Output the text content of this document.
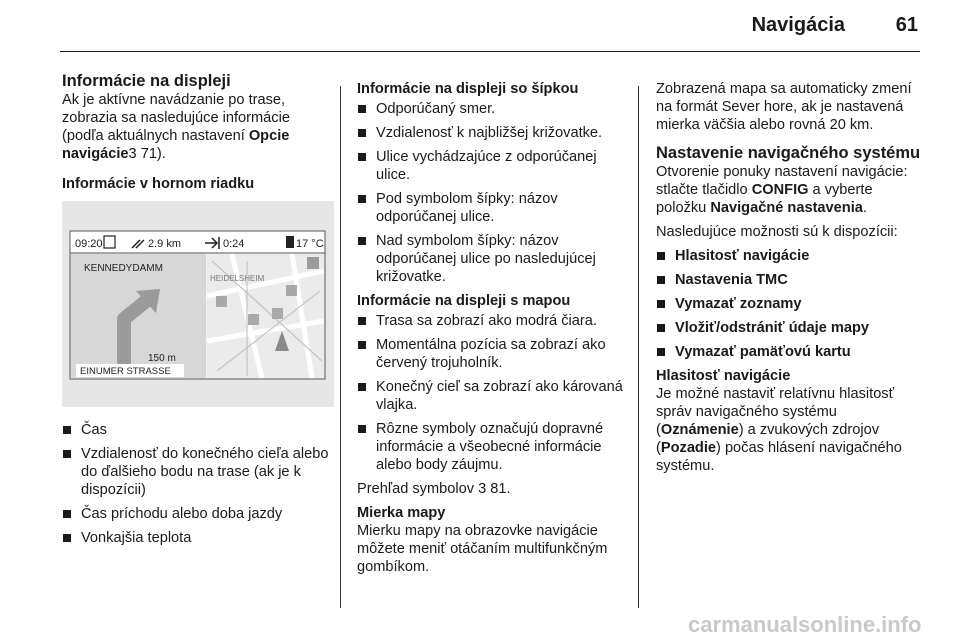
Navigácia	61
Informácie na displeji

Ak je aktívne navádzanie po trase, zobrazia sa nasledujúce informácie (podľa aktuálnych nastavení Opcie navigácie3 71).

Informácie v hornom riadku
09:20	2.9 km	0:24	17 °C
KENNEDYDAMM
150 m
EINUMER STRASSE
HEIDELSHEIM
Čas
Vzdialenosť do konečného cieľa alebo do ďalšieho bodu na trase (ak je k dispozícii)
Čas príchodu alebo doba jazdy
Vonkajšia teplota
Informácie na displeji so šípkou
Odporúčaný smer.
Vzdialenosť k najbližšej križovatke.
Ulice vychádzajúce z odporúčanej ulice.
Pod symbolom šípky: názov odporúčanej ulice.
Nad symbolom šípky: názov odporúčanej ulice po nasledujúcej križovatke.
Informácie na displeji s mapou
Trasa sa zobrazí ako modrá čiara.
Momentálna pozícia sa zobrazí ako červený trojuholník.
Konečný cieľ sa zobrazí ako károvaná vlajka.
Rôzne symboly označujú dopravné informácie a všeobecné informácie alebo body záujmu.

Prehľad symbolov 3 81.

Mierka mapy

Mierku mapy na obrazovke navigácie môžete meniť otáčaním multifunkčným gombíkom.

Zobrazená mapa sa automaticky zmení na formát Sever hore, ak je nastavená mierka väčšia alebo rovná 20 km.

Nastavenie navigačného systému

Otvorenie ponuky nastavení navigácie: stlačte tlačidlo CONFIG a vyberte položku Navigačné nastavenia.

Nasledujúce možnosti sú k dispozícii:

Hlasitosť navigácie
Nastavenia TMC
Vymazať zoznamy
Vložiť/odstrániť údaje mapy
Vymazať pamäťovú kartu
Hlasitosť navigácie

Je možné nastaviť relatívnu hlasitosť správ navigačného systému (Oznámenie) a zvukových zdrojov (Pozadie) počas hlásení navigačného systému.

carmanualsonline.info
